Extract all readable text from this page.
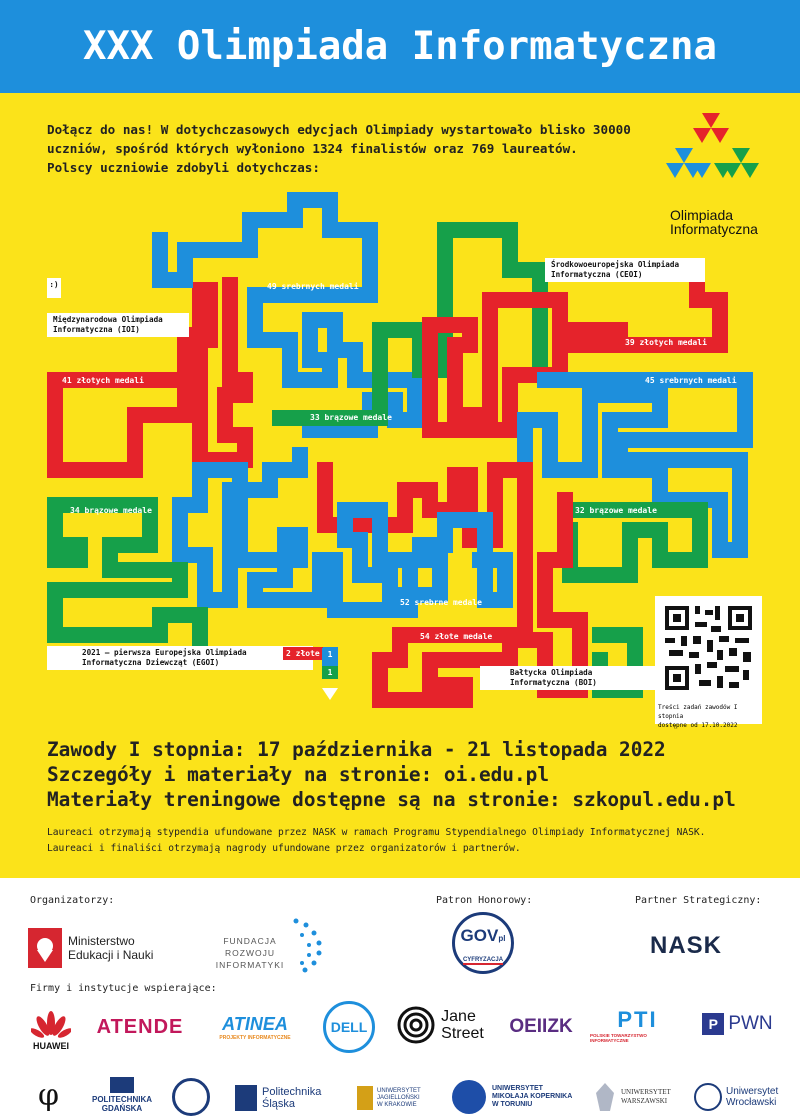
XXX Olimpiada Informatyczna
Dołącz do nas! W dotychczasowych edycjach Olimpiady wystartowało blisko 30000
uczniów, spośród których wyłoniono 1324 finalistów oraz 769 laureatów.
Polscy uczniowie zdobyli dotychczas:
Olimpiada
Informatyczna
:)
Międzynarodowa Olimpiada
Informatyczna (IOI)
Środkowoeuropejska Olimpiada
Informatyczna (CEOI)
2021 – pierwsza Europejska Olimpiada
Informatyczna Dziewcząt (EGOI)
Bałtycka Olimpiada
Informatyczna (BOI)
41 złotych medali
49 srebrnych medali
33 brązowe medale
39 złotych medali
45 srebrnych medali
32 brązowe medale
54 złote medale
52 srebrne medale
34 brązowe medale
2 złote 1
1
Treści zadań zawodów I stopnia
dostępne od 17.10.2022
Zawody I stopnia: 17 października - 21 listopada 2022
Szczegóły i materiały na stronie: oi.edu.pl
Materiały treningowe dostępne są na stronie: szkopul.edu.pl
Laureaci otrzymają stypendia ufundowane przez NASK w ramach Programu Stypendialnego Olimpiady Informatycznej NASK.
Laureaci i finaliści otrzymają nagrody ufundowane przez organizatorów i partnerów.
Organizatorzy:	Patron Honorowy:	Partner Strategiczny:
Firmy i instytucje wspierające:
Ministerstwo
Edukacji i Nauki
FUNDACJA ROZWOJU
INFORMATYKI
GOVpl
CYFRYZACJA
NASK
HUAWEI
ATENDE	ATINEA
PROJEKTY INFORMATYCZNE
DELL
Jane
Street	OEIIZK	PTI
POLSKIE TOWARZYSTWO INFORMATYCZNE
P PWN
φ	POLITECHNIKA
GDAŃSKA
Politechnika
Śląska
UNIWERSYTET
JAGIELLOŃSKI
W KRAKOWIE
UNIWERSYTET
MIKOŁAJA KOPERNIKA
W TORUNIU
UNIWERSYTET
WARSZAWSKI
Uniwersytet
Wrocławski
